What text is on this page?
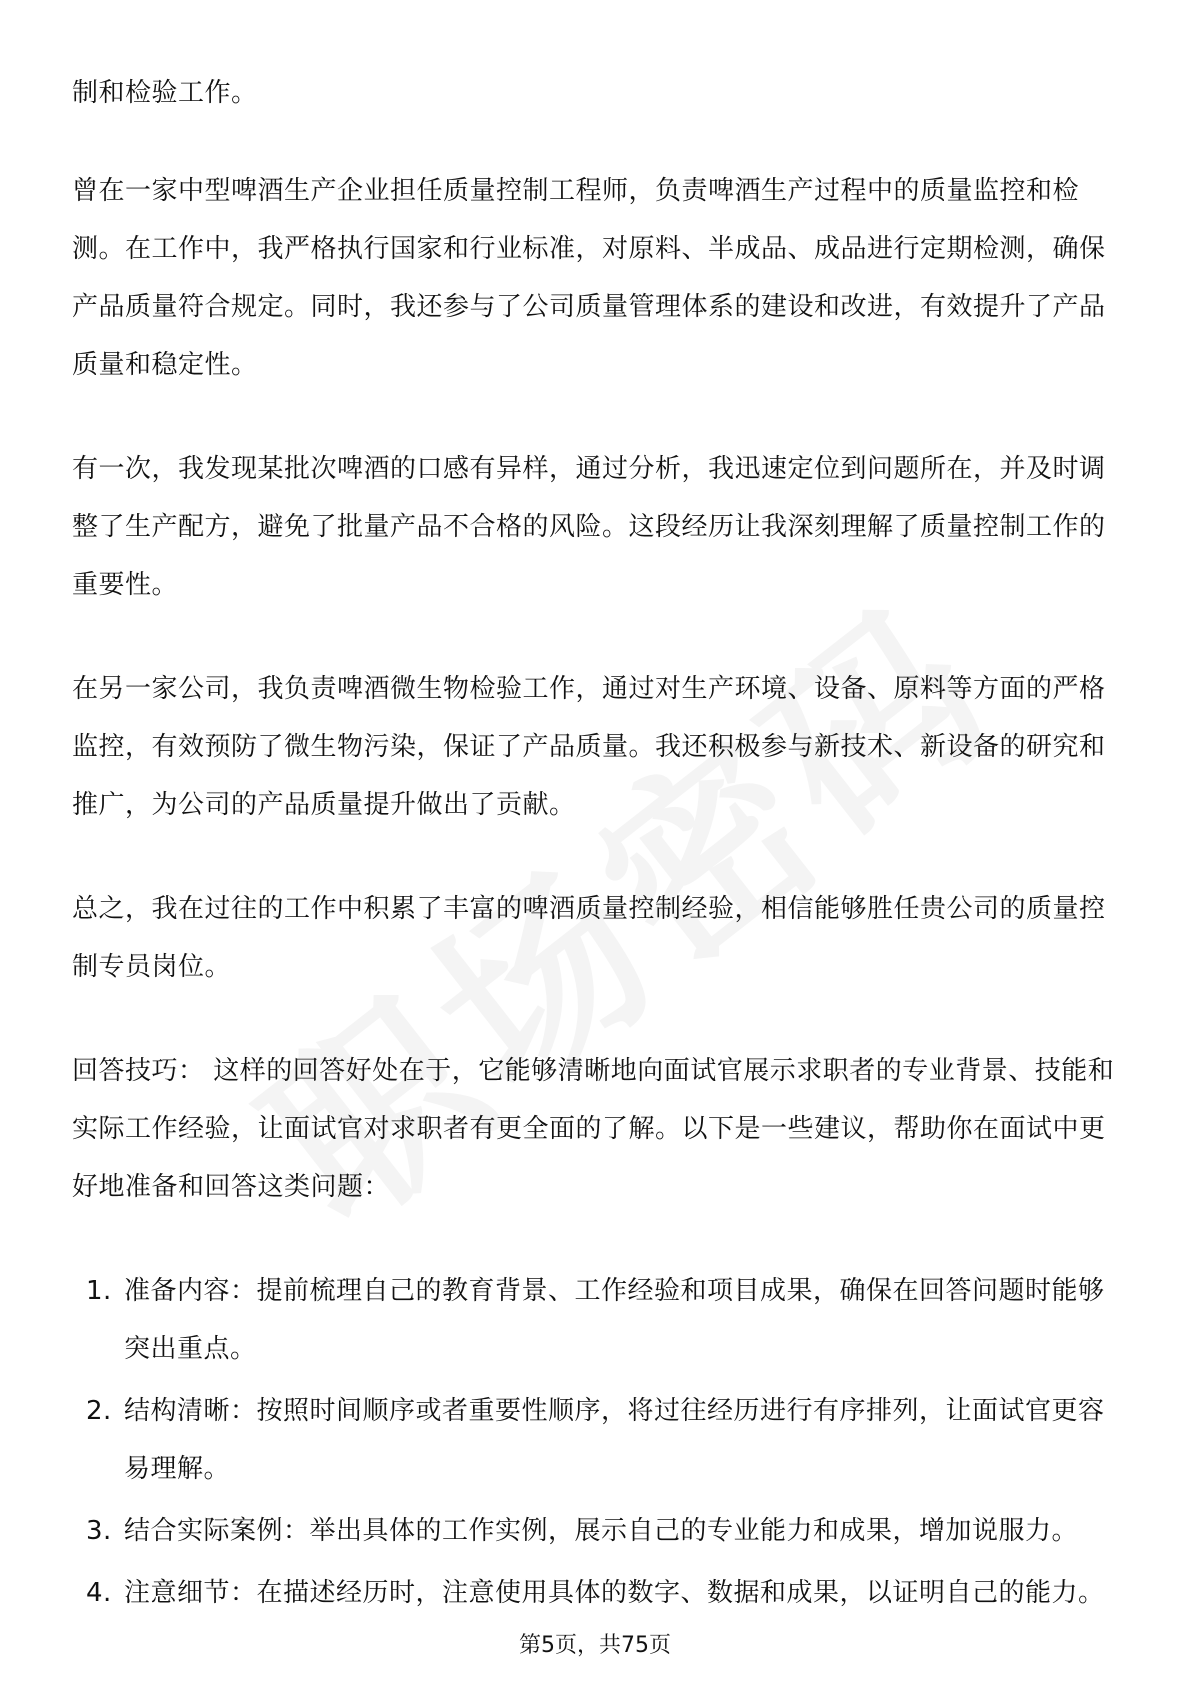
制和检验工作。

曾在一家中型啤酒生产企业担任质量控制工程师，负责啤酒生产过程中的质量监控和检测。在工作中，我严格执行国家和行业标准，对原料、半成品、成品进行定期检测，确保产品质量符合规定。同时，我还参与了公司质量管理体系的建设和改进，有效提升了产品质量和稳定性。

有一次，我发现某批次啤酒的口感有异样，通过分析，我迅速定位到问题所在，并及时调整了生产配方，避免了批量产品不合格的风险。这段经历让我深刻理解了质量控制工作的重要性。

在另一家公司，我负责啤酒微生物检验工作，通过对生产环境、设备、原料等方面的严格监控，有效预防了微生物污染，保证了产品质量。我还积极参与新技术、新设备的研究和推广，为公司的产品质量提升做出了贡献。

总之，我在过往的工作中积累了丰富的啤酒质量控制经验，相信能够胜任贵公司的质量控制专员岗位。

回答技巧： 这样的回答好处在于，它能够清晰地向面试官展示求职者的专业背景、技能和实际工作经验，让面试官对求职者有更全面的了解。以下是一些建议，帮助你在面试中更好地准备和回答这类问题：

1. 准备内容：提前梳理自己的教育背景、工作经验和项目成果，确保在回答问题时能够突出重点。
2. 结构清晰：按照时间顺序或者重要性顺序，将过往经历进行有序排列，让面试官更容易理解。
3. 结合实际案例：举出具体的工作实例，展示自己的专业能力和成果，增加说服力。
4. 注意细节：在描述经历时，注意使用具体的数字、数据和成果，以证明自己的能力。
第5页，共75页
